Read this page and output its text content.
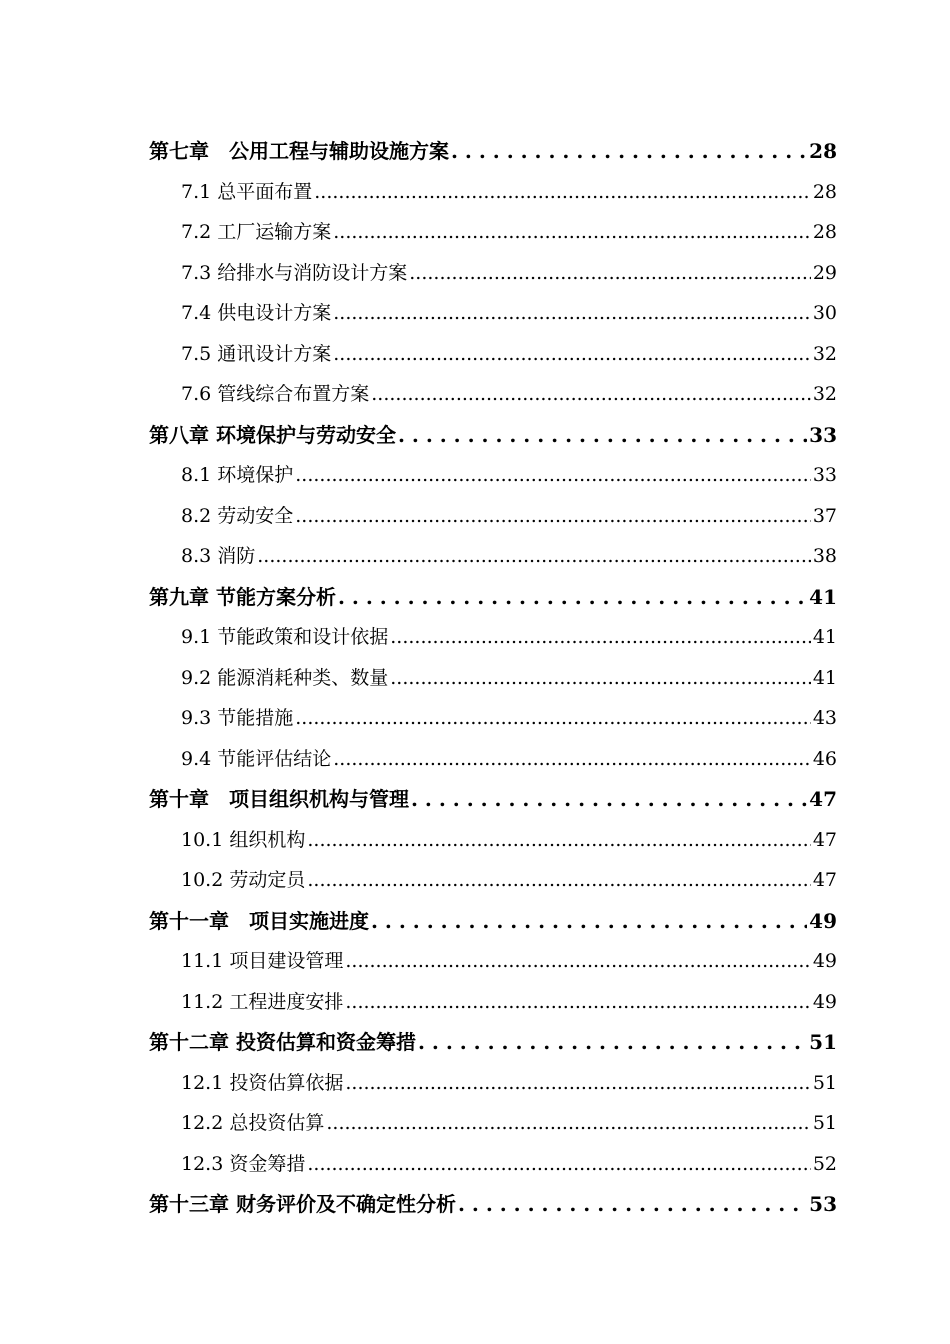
第七章　公用工程与辅助设施方案 . . .	28
7.1 总平面布置 .....	28
7.2 工厂运输方案 .....	28
7.3 给排水与消防设计方案 .....	29
7.4 供电设计方案 .....	30
7.5 通讯设计方案 .....	32
7.6 管线综合布置方案 .....	32
第八章 环境保护与劳动安全 . . .	33
8.1 环境保护 .....	33
8.2 劳动安全 .....	37
8.3 消防 .....	38
第九章 节能方案分析 . . .	41
9.1 节能政策和设计依据 .....	41
9.2 能源消耗种类、数量 .....	41
9.3 节能措施 .....	43
9.4 节能评估结论 .....	46
第十章　项目组织机构与管理 . . .	47
10.1 组织机构 .....	47
10.2 劳动定员 .....	47
第十一章　项目实施进度 . . .	49
11.1 项目建设管理 .....	49
11.2 工程进度安排 .....	49
第十二章 投资估算和资金筹措 . . .	51
12.1 投资估算依据 .....	51
12.2 总投资估算 .....	51
12.3 资金筹措 .....	52
第十三章 财务评价及不确定性分析 . . .	53
